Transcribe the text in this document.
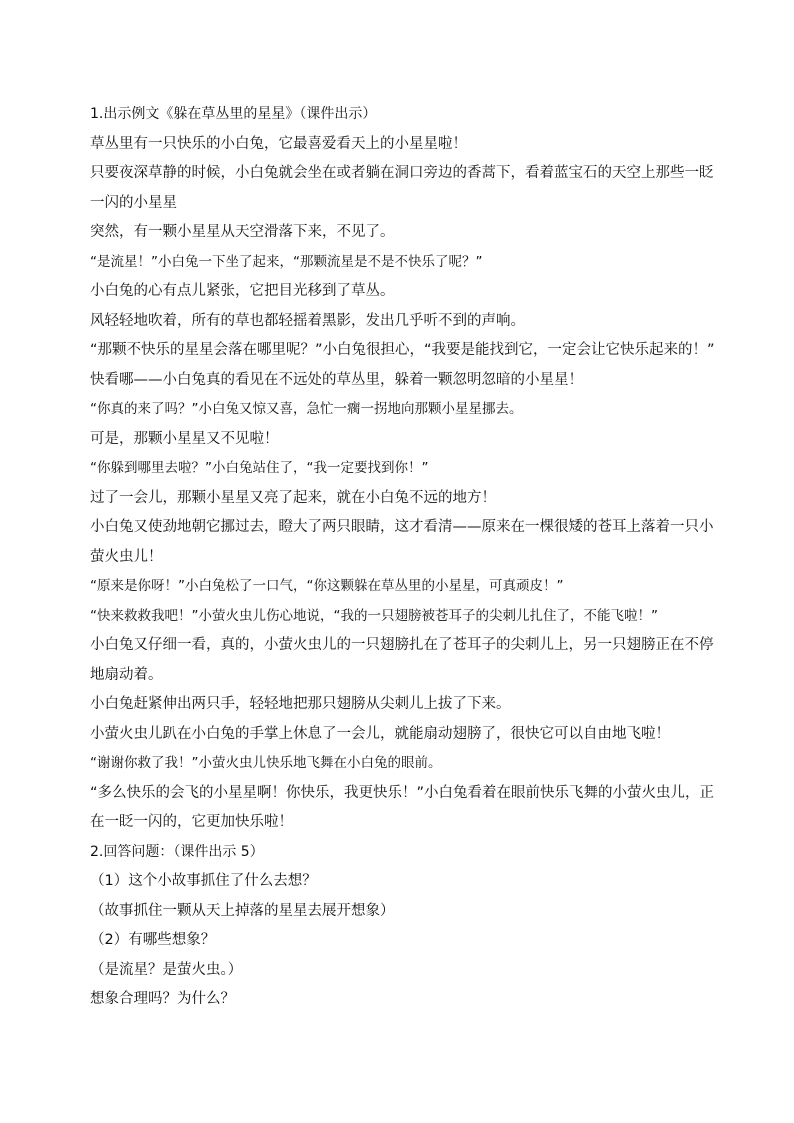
1.出示例文《躲在草丛里的星星》（课件出示）

草丛里有一只快乐的小白兔，它最喜爱看天上的小星星啦！

只要夜深草静的时候，小白兔就会坐在或者躺在洞口旁边的香蒿下，看着蓝宝石的天空上那些一眨一闪的小星星

突然，有一颗小星星从天空滑落下来，不见了。

“是流星！”小白兔一下坐了起来，“那颗流星是不是不快乐了呢？”

小白兔的心有点儿紧张，它把目光移到了草丛。

风轻轻地吹着，所有的草也都轻摇着黑影，发出几乎听不到的声响。

“那颗不快乐的星星会落在哪里呢？”小白兔很担心，“我要是能找到它，一定会让它快乐起来的！”

快看哪——小白兔真的看见在不远处的草丛里，躲着一颗忽明忽暗的小星星！

“你真的来了吗？”小白兔又惊又喜，急忙一瘸一拐地向那颗小星星挪去。

可是，那颗小星星又不见啦！

“你躲到哪里去啦？”小白兔站住了，“我一定要找到你！”

过了一会儿，那颗小星星又亮了起来，就在小白兔不远的地方！

小白兔又使劲地朝它挪过去，瞪大了两只眼睛，这才看清——原来在一棵很矮的苍耳上落着一只小萤火虫儿！

“原来是你呀！”小白兔松了一口气，“你这颗躲在草丛里的小星星，可真顽皮！”

“快来救救我吧！”小萤火虫儿伤心地说，“我的一只翅膀被苍耳子的尖刺儿扎住了，不能飞啦！”

小白兔又仔细一看，真的，小萤火虫儿的一只翅膀扎在了苍耳子的尖刺儿上，另一只翅膀正在不停地扇动着。

小白兔赶紧伸出两只手，轻轻地把那只翅膀从尖刺儿上拔了下来。

小萤火虫儿趴在小白兔的手掌上休息了一会儿，就能扇动翅膀了，很快它可以自由地飞啦！

“谢谢你救了我！”小萤火虫儿快乐地飞舞在小白兔的眼前。

“多么快乐的会飞的小星星啊！你快乐，我更快乐！”小白兔看着在眼前快乐飞舞的小萤火虫儿，正在一眨一闪的，它更加快乐啦！

2.回答问题：（课件出示 5）

（1）这个小故事抓住了什么去想？

（故事抓住一颗从天上掉落的星星去展开想象）

（2）有哪些想象？

（是流星？是萤火虫。）

想象合理吗？为什么？
